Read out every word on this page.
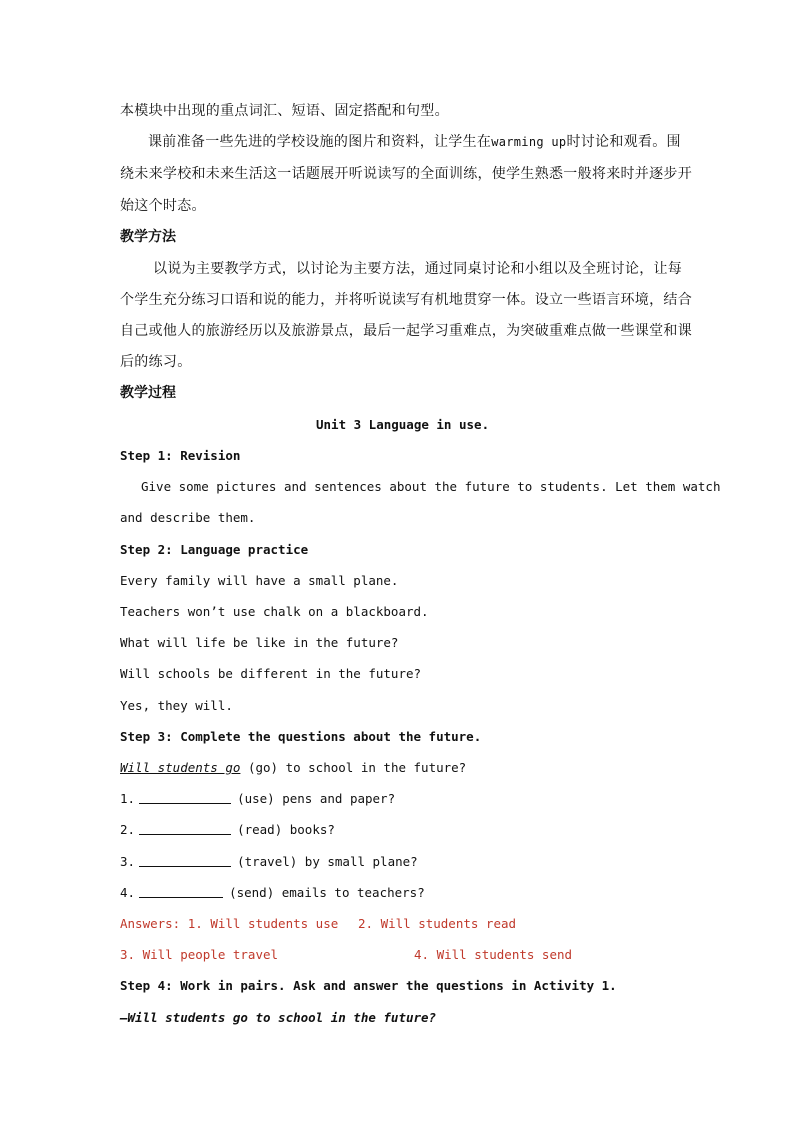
本模块中出现的重点词汇、短语、固定搭配和句型。
课前准备一些先进的学校设施的图片和资料，让学生在warming up时讨论和观看。围
绕未来学校和未来生活这一话题展开听说读写的全面训练，使学生熟悉一般将来时并逐步开
始这个时态。
教学方法
以说为主要教学方式，以讨论为主要方法，通过同桌讨论和小组以及全班讨论，让每
个学生充分练习口语和说的能力，并将听说读写有机地贯穿一体。设立一些语言环境，结合
自己或他人的旅游经历以及旅游景点，最后一起学习重难点，为突破重难点做一些课堂和课
后的练习。
教学过程
Unit 3 Language in use.
Step 1: Revision
Give some pictures and sentences about the future to students. Let them watch
and describe them.
Step 2: Language practice
Every family will have a small plane.
Teachers won’t use chalk on a blackboard.
What will life be like in the future?
Will schools be different in the future?
Yes, they will.
Step 3: Complete the questions about the future.
Will students go (go) to school in the future?
1.	(use) pens and paper?
2.	(read) books?
3.	(travel) by small plane?
4.	(send) emails to teachers?
Answers: 1. Will students use 2. Will students read
3. Will people travel	4. Will students send
Step 4: Work in pairs. Ask and answer the questions in Activity 1.
—Will students go to school in the future?
